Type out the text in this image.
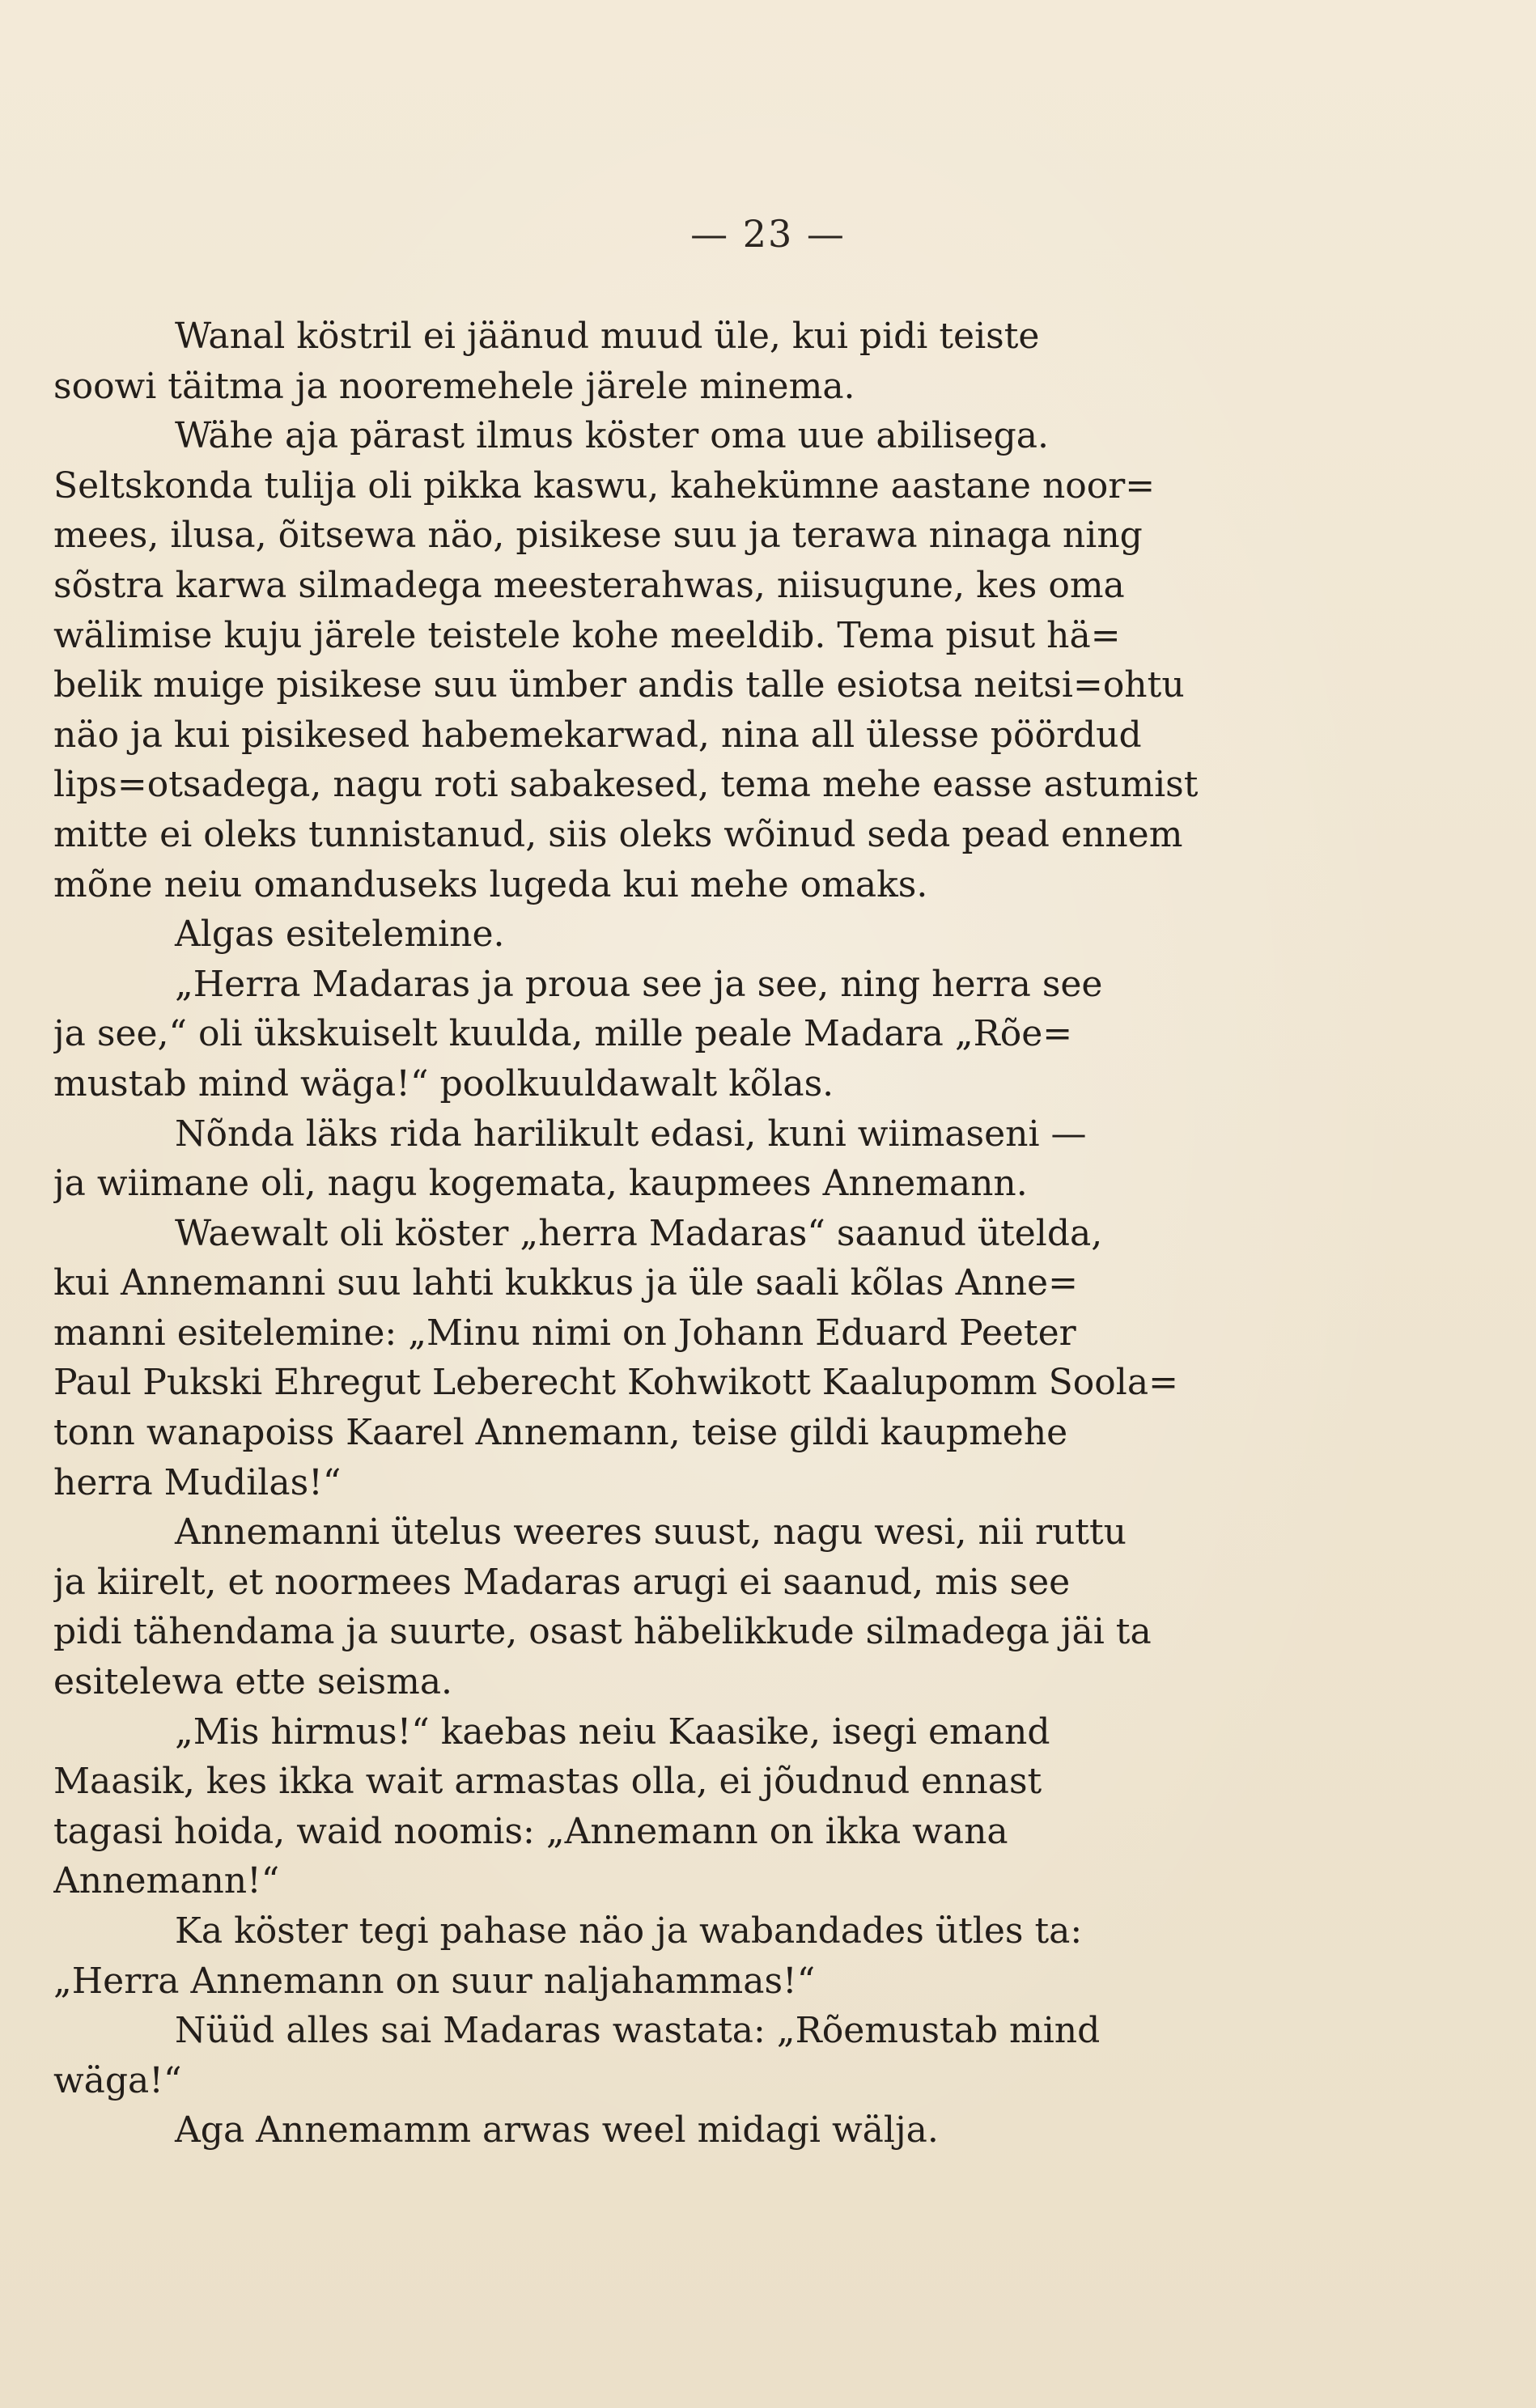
— 23 —

Wanal köstril ei jäänud muud üle, kui pidi teiste
soowi täitma ja nooremehele järele minema.

Wähe aja pärast ilmus köster oma uue abilisega.
Seltskonda tulija oli pikka kaswu, kahekümne aastane noor=
mees, ilusa, õitsewa näo, pisikese suu ja terawa ninaga ning
sõstra karwa silmadega meesterahwas, niisugune, kes oma
wälimise kuju järele teistele kohe meeldib. Tema pisut hä=
belik muige pisikese suu ümber andis talle esiotsa neitsi=ohtu
näo ja kui pisikesed habemekarwad, nina all ülesse pöördud
lips=otsadega, nagu roti sabakesed, tema mehe easse astumist
mitte ei oleks tunnistanud, siis oleks wõinud seda pead ennem
mõne neiu omanduseks lugeda kui mehe omaks.

Algas esitelemine.

„Herra Madaras ja proua see ja see, ning herra see
ja see,“ oli ükskuiselt kuulda, mille peale Madara „Rõe=
mustab mind wäga!“ poolkuuldawalt kõlas.

Nõnda läks rida harilikult edasi, kuni wiimaseni —
ja wiimane oli, nagu kogemata, kaupmees Annemann.

Waewalt oli köster „herra Madaras“ saanud ütelda,
kui Annemanni suu lahti kukkus ja üle saali kõlas Anne=
manni esitelemine: „Minu nimi on Johann Eduard Peeter
Paul Pukski Ehregut Leberecht Kohwikott Kaalupomm Soola=
tonn wanapoiss Kaarel Annemann, teise gildi kaupmehe
herra Mudilas!“

Annemanni ütelus weeres suust, nagu wesi, nii ruttu
ja kiirelt, et noormees Madaras arugi ei saanud, mis see
pidi tähendama ja suurte, osast häbelikkude silmadega jäi ta
esitelewa ette seisma.

„Mis hirmus!“ kaebas neiu Kaasike, isegi emand
Maasik, kes ikka wait armastas olla, ei jõudnud ennast
tagasi hoida, waid noomis: „Annemann on ikka wana
Annemann!“

Ka köster tegi pahase näo ja wabandades ütles ta:
„Herra Annemann on suur naljahammas!“

Nüüd alles sai Madaras wastata: „Rõemustab mind
wäga!“

Aga Annemamm arwas weel midagi wälja.
